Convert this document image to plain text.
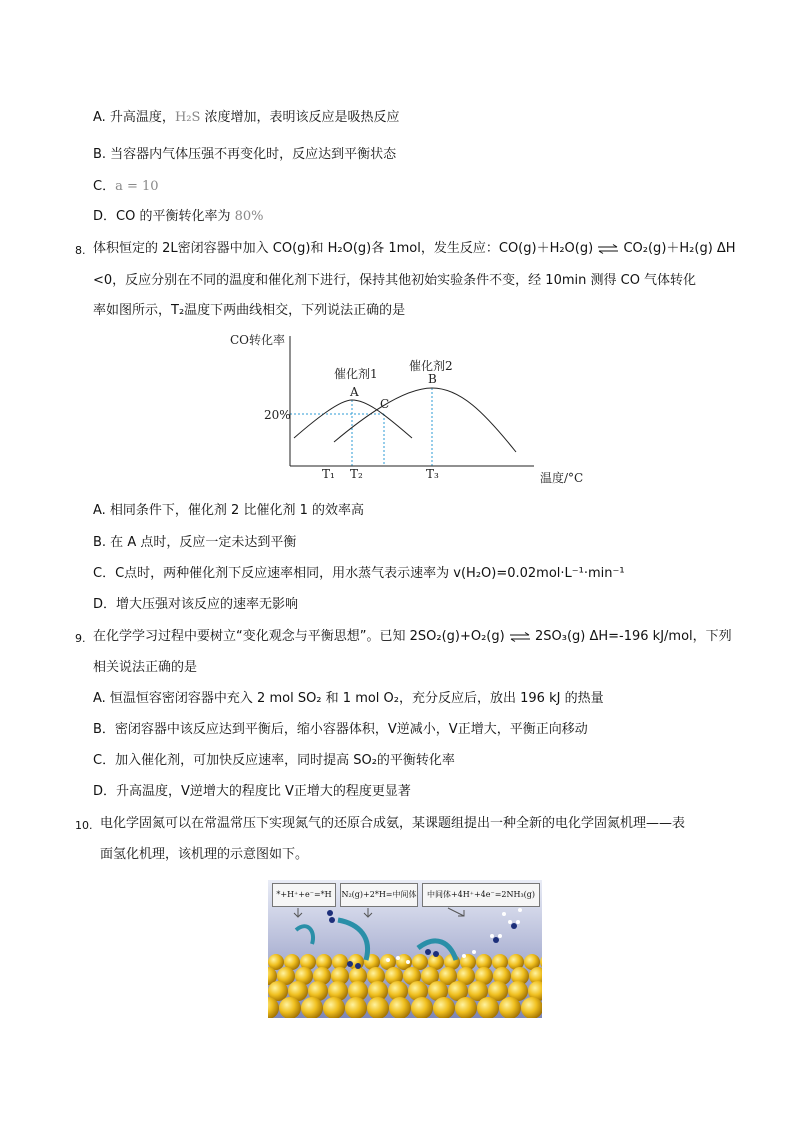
A. 升高温度，H₂S 浓度增加，表明该反应是吸热反应
B. 当容器内气体压强不再变化时，反应达到平衡状态
C．a = 10
D．CO 的平衡转化率为 80%
8. 体积恒定的 2L密闭容器中加入 CO(g)和 H₂O(g)各 1mol，发生反应：CO(g)＋H₂O(g) ⇌ CO₂(g)＋H₂(g) ΔH
<0，反应分别在不同的温度和催化剂下进行，保持其他初始实验条件不变，经 10min 测得 CO 气体转化
率如图所示，T₂温度下两曲线相交，下列说法正确的是
CO转化率
温度/°C
20%
T₁ T₂	T₃
催化剂1
催化剂2
A
B
C
A. 相同条件下，催化剂 2 比催化剂 1 的效率高
B. 在 A 点时，反应一定未达到平衡
C．C点时，两种催化剂下反应速率相同，用水蒸气表示速率为 v(H₂O)=0.02mol·L⁻¹·min⁻¹
D．增大压强对该反应的速率无影响
9. 在化学学习过程中要树立“变化观念与平衡思想”。已知 2SO₂(g)+O₂(g) ⇌ 2SO₃(g) ΔH=-196 kJ/mol，下列
相关说法正确的是
A. 恒温恒容密闭容器中充入 2 mol SO₂ 和 1 mol O₂，充分反应后，放出 196 kJ 的热量
B．密闭容器中该反应达到平衡后，缩小容器体积，V逆减小，V正增大，平衡正向移动
C．加入催化剂，可加快反应速率，同时提高 SO₂的平衡转化率
D．升高温度，V逆增大的程度比 V正增大的程度更显著
10. 电化学固氮可以在常温常压下实现氮气的还原合成氨，某课题组提出一种全新的电化学固氮机理——表
面氢化机理，该机理的示意图如下。
*+H⁺+e⁻=*H	N₂(g)+2*H=中间体	中间体+4H⁺+4e⁻=2NH₃(g)
